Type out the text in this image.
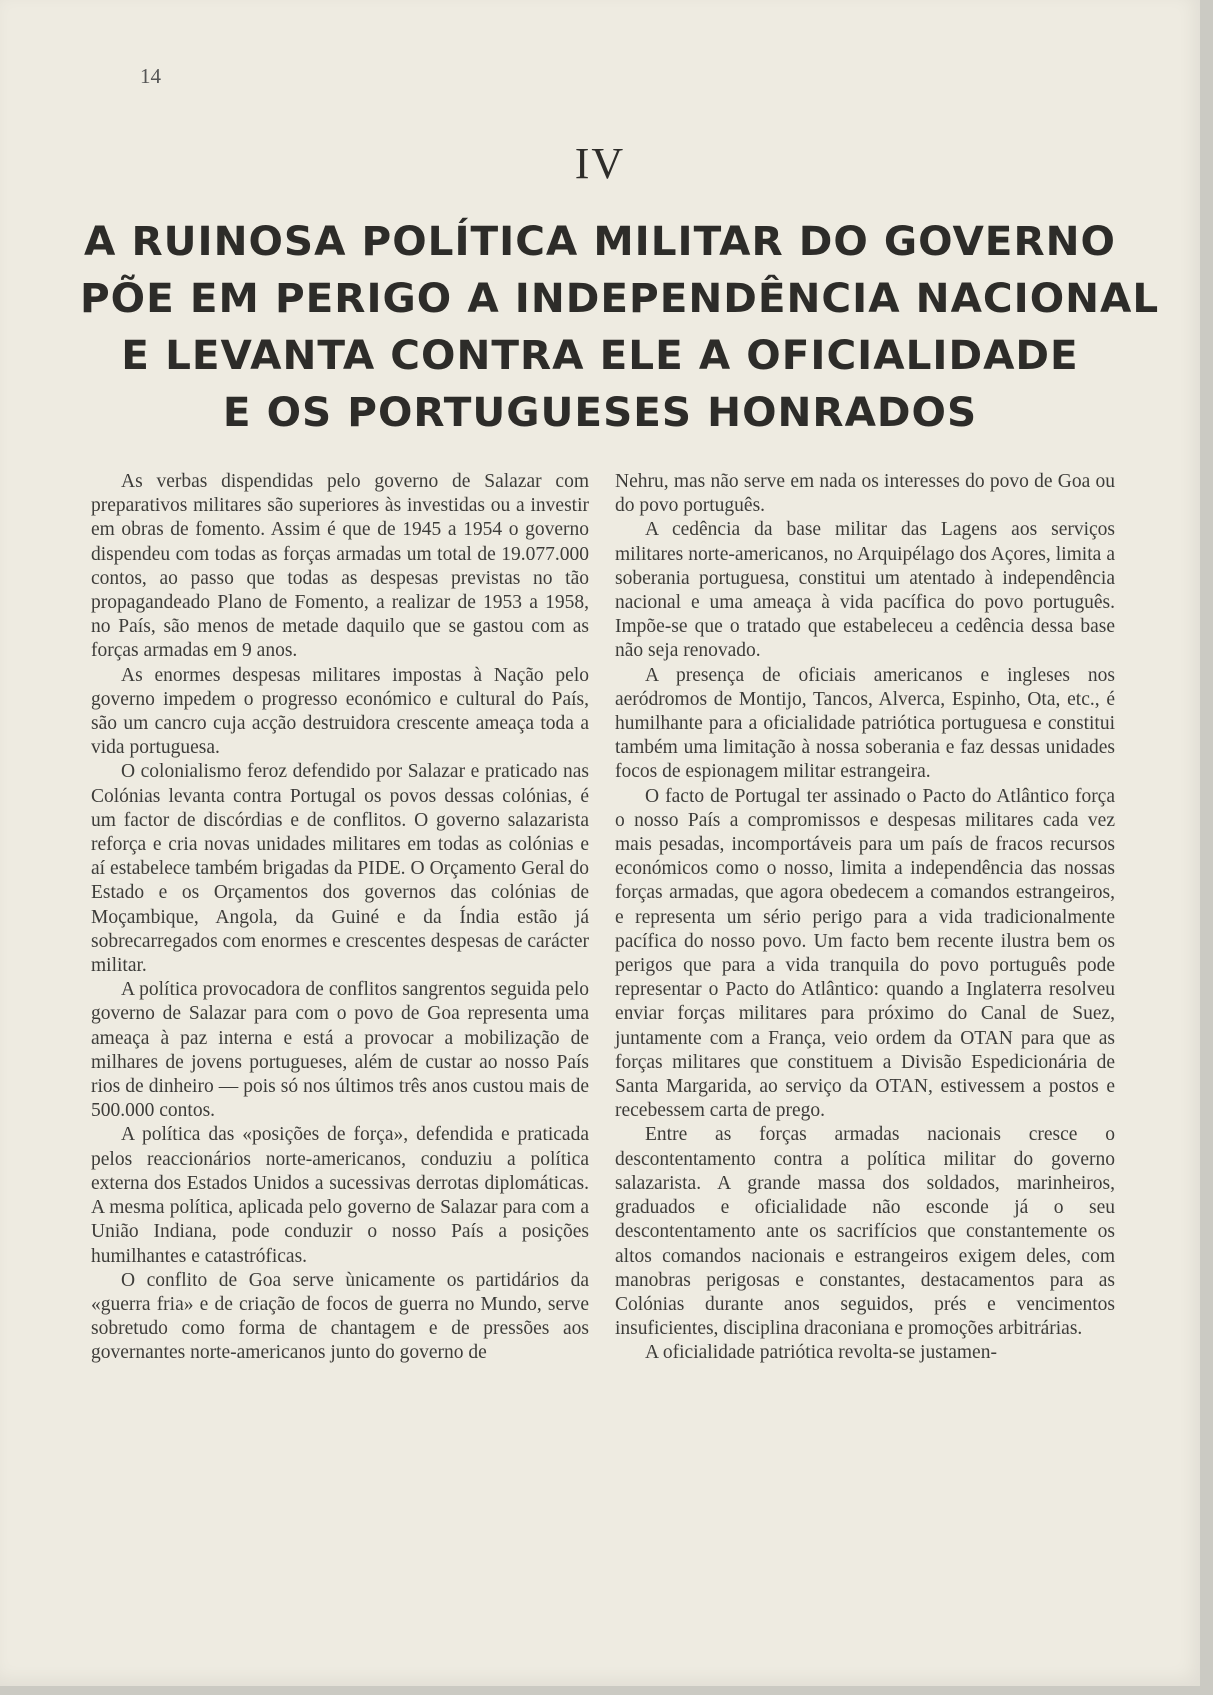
14
IV
A RUINOSA POLÍTICA MILITAR DO GOVERNO
PÕE EM PERIGO A INDEPENDÊNCIA NACIONAL
E LEVANTA CONTRA ELE A OFICIALIDADE
E OS PORTUGUESES HONRADOS

As verbas dispendidas pelo governo de Salazar com preparativos militares são superiores às investidas ou a investir em obras de fomento. Assim é que de 1945 a 1954 o governo dispendeu com todas as forças armadas um total de 19.077.000 contos, ao passo que todas as despesas previstas no tão propagandeado Plano de Fomento, a realizar de 1953 a 1958, no País, são menos de metade daquilo que se gastou com as forças armadas em 9 anos.

As enormes despesas militares impostas à Nação pelo governo impedem o progresso económico e cultural do País, são um cancro cuja acção destruidora crescente ameaça toda a vida portuguesa.

O colonialismo feroz defendido por Salazar e praticado nas Colónias levanta contra Portugal os povos dessas colónias, é um factor de discórdias e de conflitos. O governo salazarista reforça e cria novas unidades militares em todas as colónias e aí estabelece também brigadas da PIDE. O Orçamento Geral do Estado e os Orçamentos dos governos das colónias de Moçambique, Angola, da Guiné e da Índia estão já sobrecarregados com enormes e crescentes despesas de carácter militar.

A política provocadora de conflitos sangrentos seguida pelo governo de Salazar para com o povo de Goa representa uma ameaça à paz interna e está a provocar a mobilização de milhares de jovens portugueses, além de custar ao nosso País rios de dinheiro — pois só nos últimos três anos custou mais de 500.000 contos.

A política das «posições de força», defendida e praticada pelos reaccionários norte-americanos, conduziu a política externa dos Estados Unidos a sucessivas derrotas diplomáticas. A mesma política, aplicada pelo governo de Salazar para com a União Indiana, pode conduzir o nosso País a posições humilhantes e catastróficas.

O conflito de Goa serve ùnicamente os partidários da «guerra fria» e de criação de focos de guerra no Mundo, serve sobretudo como forma de chantagem e de pressões aos governantes norte-americanos junto do governo de

Nehru, mas não serve em nada os interesses do povo de Goa ou do povo português.

A cedência da base militar das Lagens aos serviços militares norte-americanos, no Arquipélago dos Açores, limita a soberania portuguesa, constitui um atentado à independência nacional e uma ameaça à vida pacífica do povo português. Impõe-se que o tratado que estabeleceu a cedência dessa base não seja renovado.

A presença de oficiais americanos e ingleses nos aeródromos de Montijo, Tancos, Alverca, Espinho, Ota, etc., é humilhante para a oficialidade patriótica portuguesa e constitui também uma limitação à nossa soberania e faz dessas unidades focos de espionagem militar estrangeira.

O facto de Portugal ter assinado o Pacto do Atlântico força o nosso País a compromissos e despesas militares cada vez mais pesadas, incomportáveis para um país de fracos recursos económicos como o nosso, limita a independência das nossas forças armadas, que agora obedecem a comandos estrangeiros, e representa um sério perigo para a vida tradicionalmente pacífica do nosso povo. Um facto bem recente ilustra bem os perigos que para a vida tranquila do povo português pode representar o Pacto do Atlântico: quando a Inglaterra resolveu enviar forças militares para próximo do Canal de Suez, juntamente com a França, veio ordem da OTAN para que as forças militares que constituem a Divisão Espedicionária de Santa Margarida, ao serviço da OTAN, estivessem a postos e recebessem carta de prego.

Entre as forças armadas nacionais cresce o descontentamento contra a política militar do governo salazarista. A grande massa dos soldados, marinheiros, graduados e oficialidade não esconde já o seu descontentamento ante os sacrifícios que constantemente os altos comandos nacionais e estrangeiros exigem deles, com manobras perigosas e constantes, destacamentos para as Colónias durante anos seguidos, prés e vencimentos insuficientes, disciplina draconiana e promoções arbitrárias.

A oficialidade patriótica revolta-se justamen-
